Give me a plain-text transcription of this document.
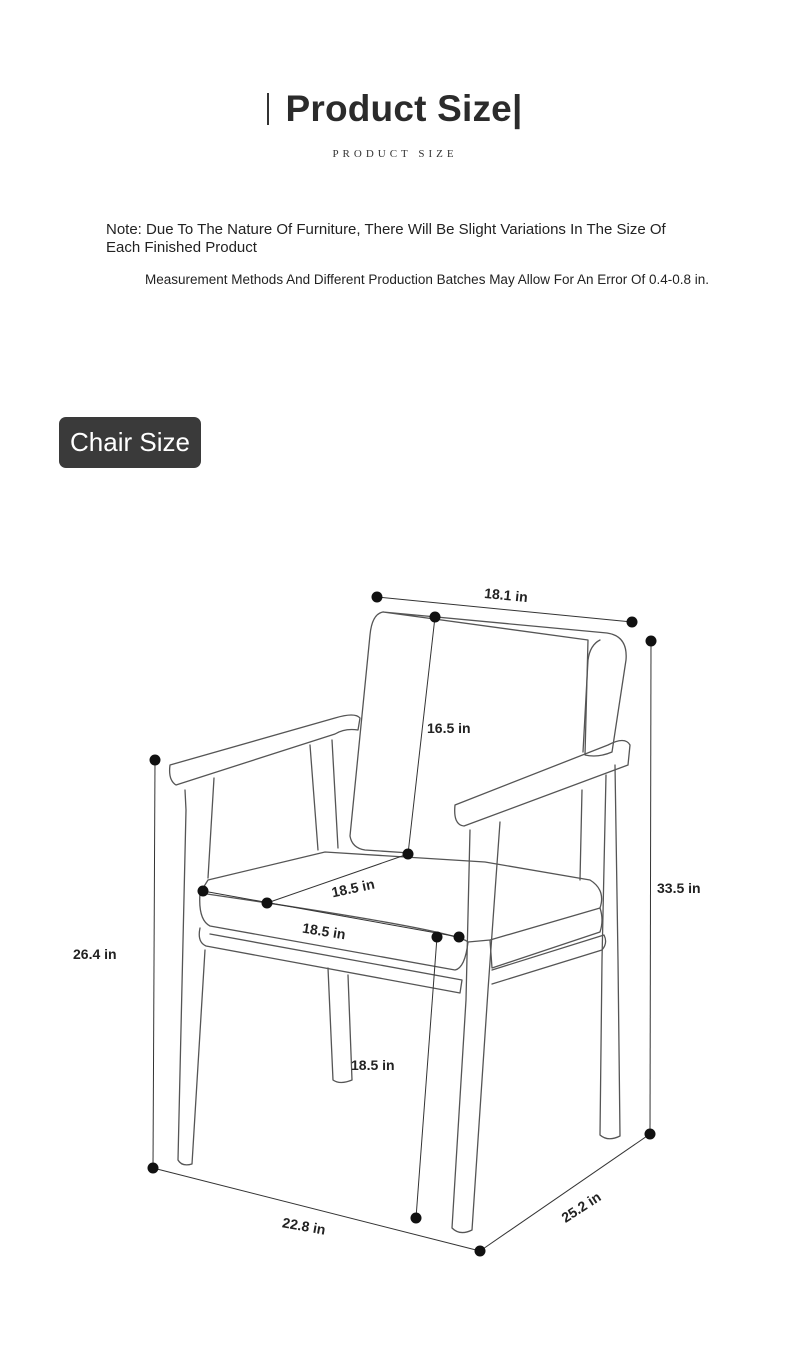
Product Size|
PRODUCT SIZE
Note: Due To The Nature Of Furniture, There Will Be Slight Variations In The Size Of Each Finished Product
Measurement Methods And Different Production Batches May Allow For An Error Of 0.4-0.8 in.
Chair Size
18.1 in
16.5 in
33.5 in
26.4 in
18.5 in
18.5 in
18.5 in
22.8 in
25.2 in
